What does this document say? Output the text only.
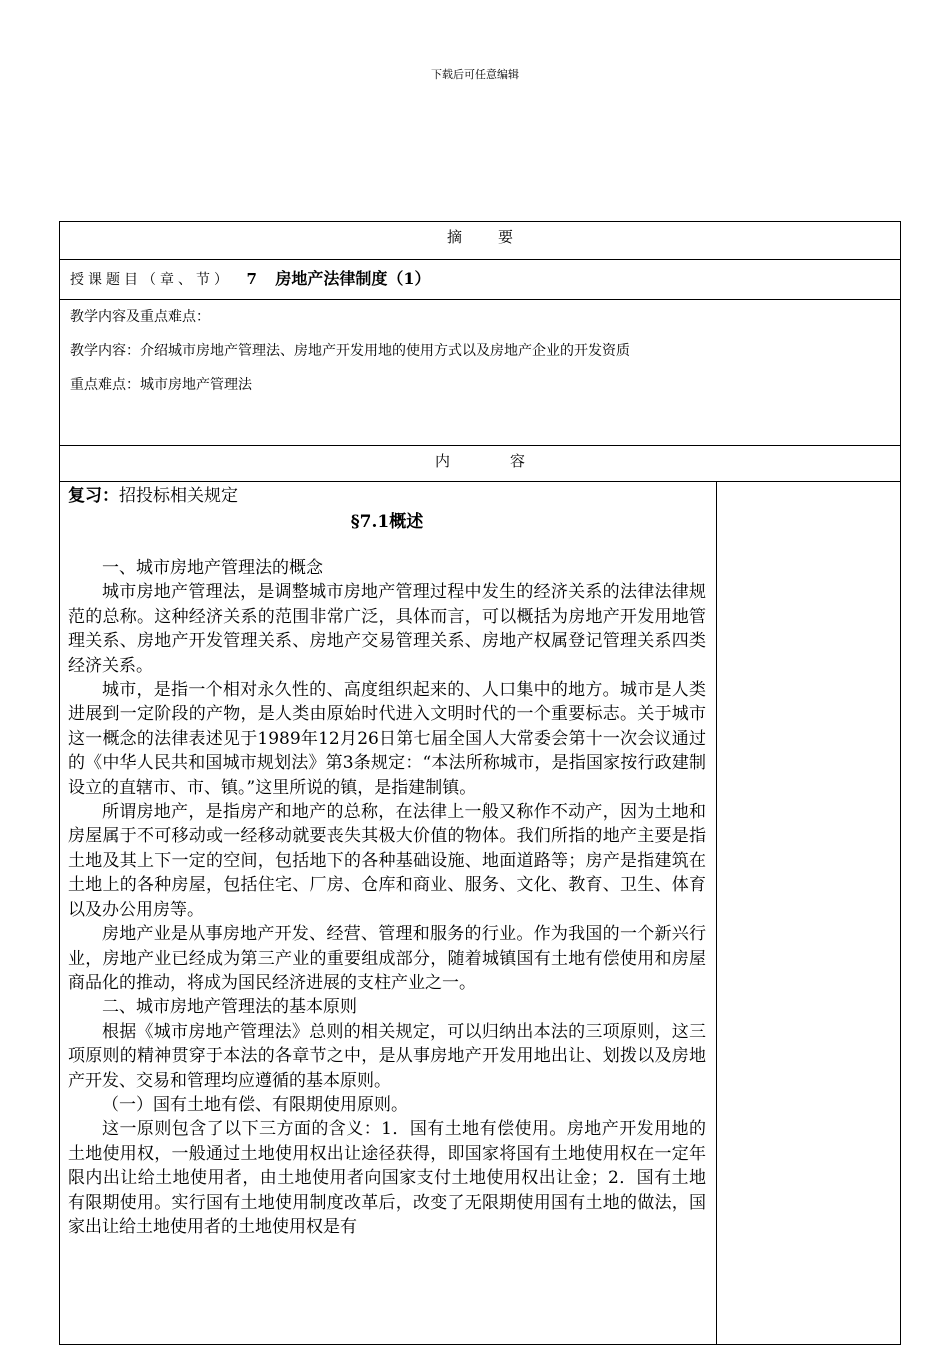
下载后可任意编辑
摘要
授课题目（章、节） 7 房地产法律制度（1）

教学内容及重点难点：

教学内容：介绍城市房地产管理法、房地产开发用地的使用方式以及房地产企业的开发资质

重点难点：城市房地产管理法

内容
复习：招投标相关规定
§7.1概述

一、城市房地产管理法的概念

城市房地产管理法，是调整城市房地产管理过程中发生的经济关系的法律法律规范的总称。这种经济关系的范围非常广泛，具体而言，可以概括为房地产开发用地管理关系、房地产开发管理关系、房地产交易管理关系、房地产权属登记管理关系四类经济关系。

城市，是指一个相对永久性的、高度组织起来的、人口集中的地方。城市是人类进展到一定阶段的产物，是人类由原始时代进入文明时代的一个重要标志。关于城市这一概念的法律表述见于1989年12月26日第七届全国人大常委会第十一次会议通过的《中华人民共和国城市规划法》第3条规定：“本法所称城市，是指国家按行政建制设立的直辖市、市、镇。”这里所说的镇，是指建制镇。

所谓房地产，是指房产和地产的总称，在法律上一般又称作不动产，因为土地和房屋属于不可移动或一经移动就要丧失其极大价值的物体。我们所指的地产主要是指土地及其上下一定的空间，包括地下的各种基础设施、地面道路等；房产是指建筑在土地上的各种房屋，包括住宅、厂房、仓库和商业、服务、文化、教育、卫生、体育以及办公用房等。

房地产业是从事房地产开发、经营、管理和服务的行业。作为我国的一个新兴行业，房地产业已经成为第三产业的重要组成部分，随着城镇国有土地有偿使用和房屋商品化的推动，将成为国民经济进展的支柱产业之一。

二、城市房地产管理法的基本原则

根据《城市房地产管理法》总则的相关规定，可以归纳出本法的三项原则，这三项原则的精神贯穿于本法的各章节之中，是从事房地产开发用地出让、划拨以及房地产开发、交易和管理均应遵循的基本原则。

（一）国有土地有偿、有限期使用原则。

这一原则包含了以下三方面的含义：1．国有土地有偿使用。房地产开发用地的土地使用权，一般通过土地使用权出让途径获得，即国家将国有土地使用权在一定年限内出让给土地使用者，由土地使用者向国家支付土地使用权出让金；2．国有土地有限期使用。实行国有土地使用制度改革后，改变了无限期使用国有土地的做法，国家出让给土地使用者的土地使用权是有
